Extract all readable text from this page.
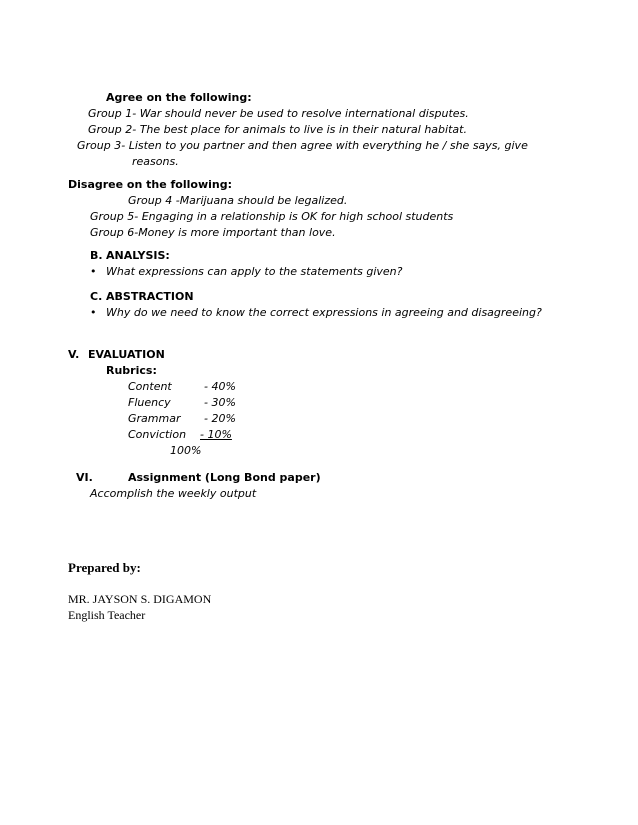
Agree on the following:
Group 1- War should never be used to resolve international disputes.
Group 2- The best place for animals to live is in their natural habitat.
Group 3- Listen to you partner and then agree with everything he / she says, give
reasons.
Disagree on the following:
Group 4 -Marijuana should be legalized.
Group 5- Engaging in a relationship is OK for high school students
Group 6-Money is more important than love.
B. ANALYSIS:
• What expressions can apply to the statements given?
C. ABSTRACTION
• Why do we need to know the correct expressions in agreeing and disagreeing?
V. EVALUATION
Rubrics:
Content	- 40%
Fluency	- 30%
Grammar - 20%
Conviction - 10%
100%
VI.	Assignment (Long Bond paper)
Accomplish the weekly output
Prepared by:
MR. JAYSON S. DIGAMON
English Teacher
